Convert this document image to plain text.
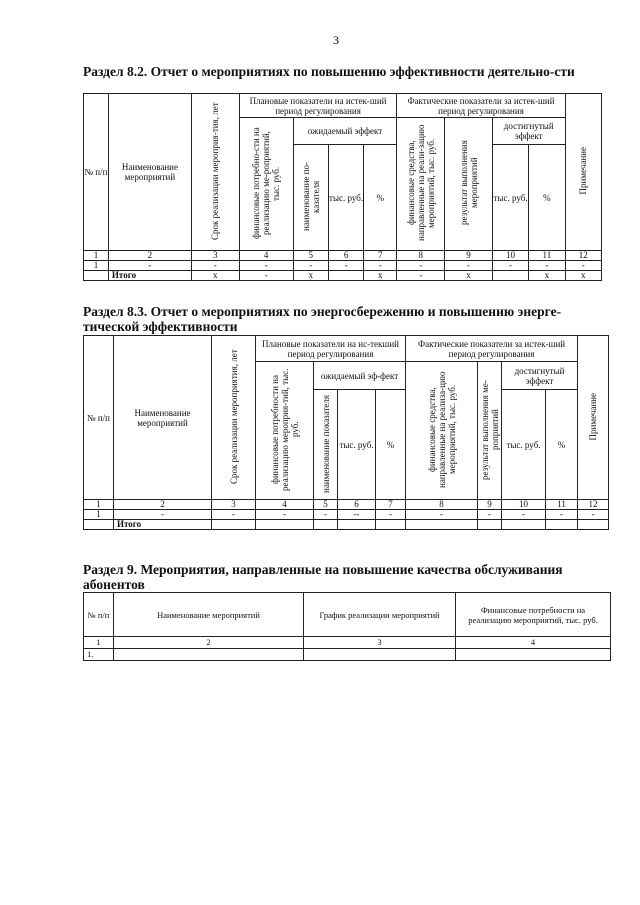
3
Раздел 8.2. Отчет о мероприятиях по повышению эффективности деятельно-сти
№ п/п	Наименование мероприятий	Срок реализации мероприя-тия, лет	Плановые показатели на истек-ший период регулирования				Фактические показатели за истек-ший период регулирования				Примечание
			финансовые потребно-сти на реализацию ме-роприятий, тыс. руб.	ожидаемый эффект			финансовые средства, направленные на реали-зацию мероприятий, тыс. руб.	результат выполнения мероприятий	достигнутый эффект		
				наименование по-казателя	тыс. руб.	%			тыс. руб.	%	
1	2	3	4	5	6	7	8	9	10	11	12
1	-	-	-	-	-	-	-	-	-	-	-
	Итого	x	-	x		x	-	x		x	x
Раздел 8.3. Отчет о мероприятиях по энергосбережению и повышению энерге-
тической эффективности
№ п/п	Наименование мероприятий	Срок реализации мероприятия, лет	Плановые показатели на ис-текший период регулирования				Фактические показатели за истек-ший период регулирования				Примечание
			финансовые потребности на реализацию мероприя-тий, тыс. руб.	ожидаемый эф-фект			финансовые средства, направленные на реализа-цию мероприятий, тыс. руб.	результат выполнения ме-роприятий	достигнутый эффект		
				наименование показателя	тыс. руб.	%			тыс. руб.	%	
1	2	3	4	5	6	7	8	9	10	11	12
1	-	-	-	-	--	-	-	-	-	-	-
	Итого										
Раздел 9. Мероприятия, направленные на повышение качества обслуживания
абонентов
№ п/п	Наименование мероприятий	График реализации мероприятий	Финансовые потребности на реализацию мероприятий, тыс. руб.
1	2	3	4
1.			
